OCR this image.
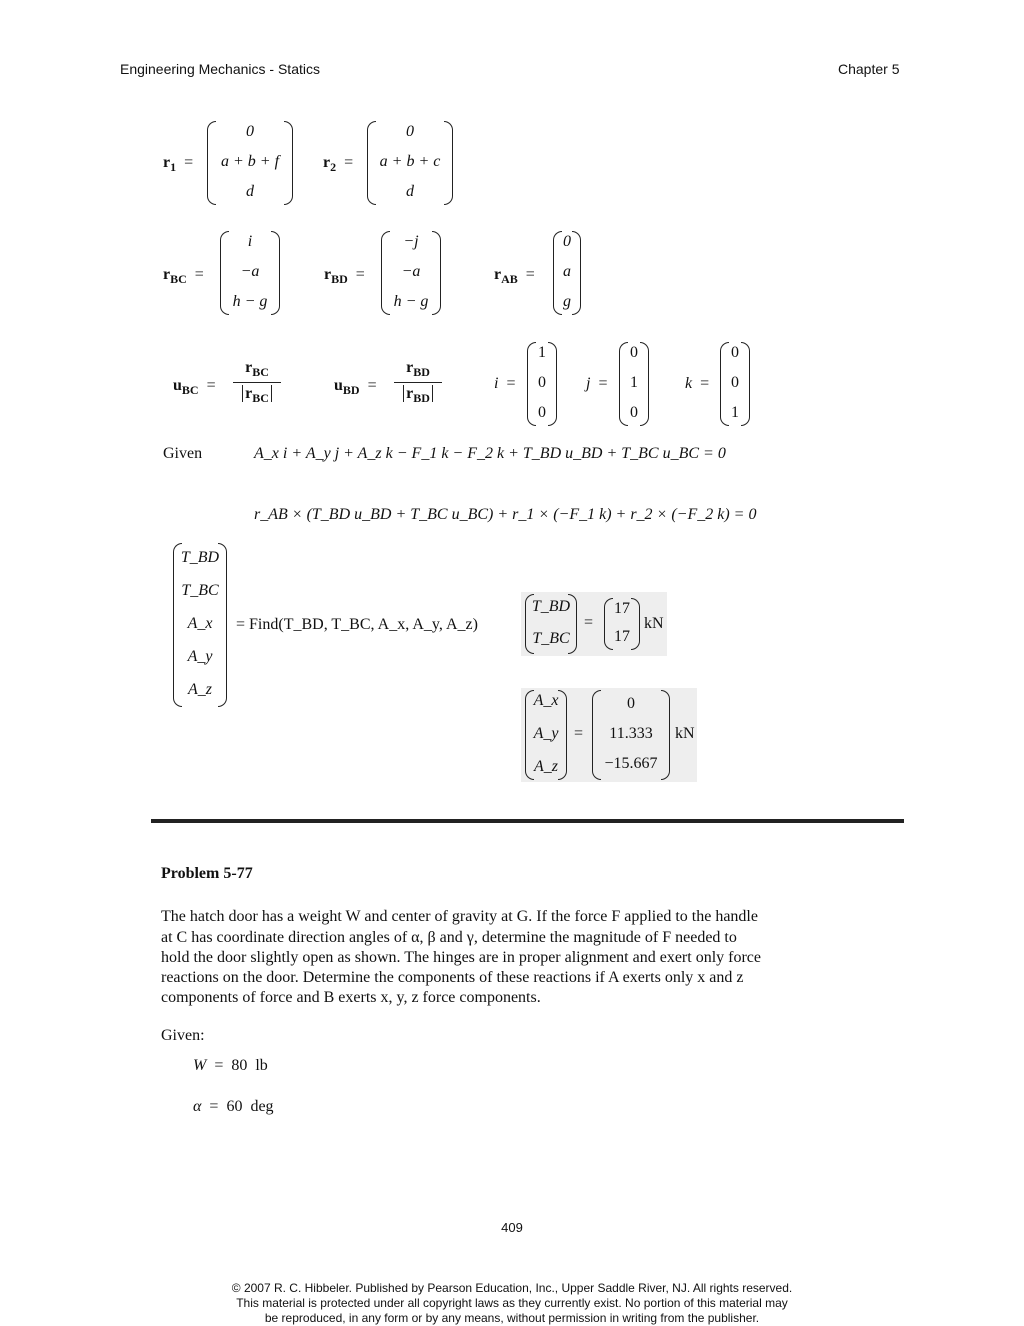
Engineering Mechanics - Statics	Chapter 5
$r_1$  =
0
a + b + f
d
$r_2$  =
0
a + b + c
d
$r_{BC}$  =
i
−a
h − g
$r_{BD}$  =
−j
−a
h − g
$r_{AB}$  =
0
a
g
$u_{BC}$  =
$r_{BC}$
$r_{BC}$
$u_{BD}$  =
$r_{BD}$
$r_{BD}$
i  =
1
0
0
j  =
0
1
0
k  =
0
0
1
Given	A_x i + A_y j + A_z k − F_1 k − F_2 k + T_BD u_BD + T_BC u_BC = 0
r_AB × (T_BD u_BD + T_BC u_BC) + r_1 × (−F_1 k) + r_2 × (−F_2 k) = 0
T_BD
T_BC
A_x
A_y
A_z
= Find(T_BD, T_BC, A_x, A_y, A_z)
T_BD
T_BC
=
17
17
kN
A_x
A_y
A_z
=
0
11.333
−15.667
kN
Problem 5-77

The hatch door has a weight W and center of gravity at G. If the force F applied to the handle

at C has coordinate direction angles of α, β and γ, determine the magnitude of F needed to

hold the door slightly open as shown. The hinges are in proper alignment and exert only force

reactions on the door. Determine the components of these reactions if A exerts only x and z

components of force and B exerts x, y, z force components.

Given:
W = 80 lb
α = 60 deg
409
© 2007 R. C. Hibbeler. Published by Pearson Education, Inc., Upper Saddle River, NJ. All rights reserved.
This material is protected under all copyright laws as they currently exist. No portion of this material may
be reproduced, in any form or by any means, without permission in writing from the publisher.
